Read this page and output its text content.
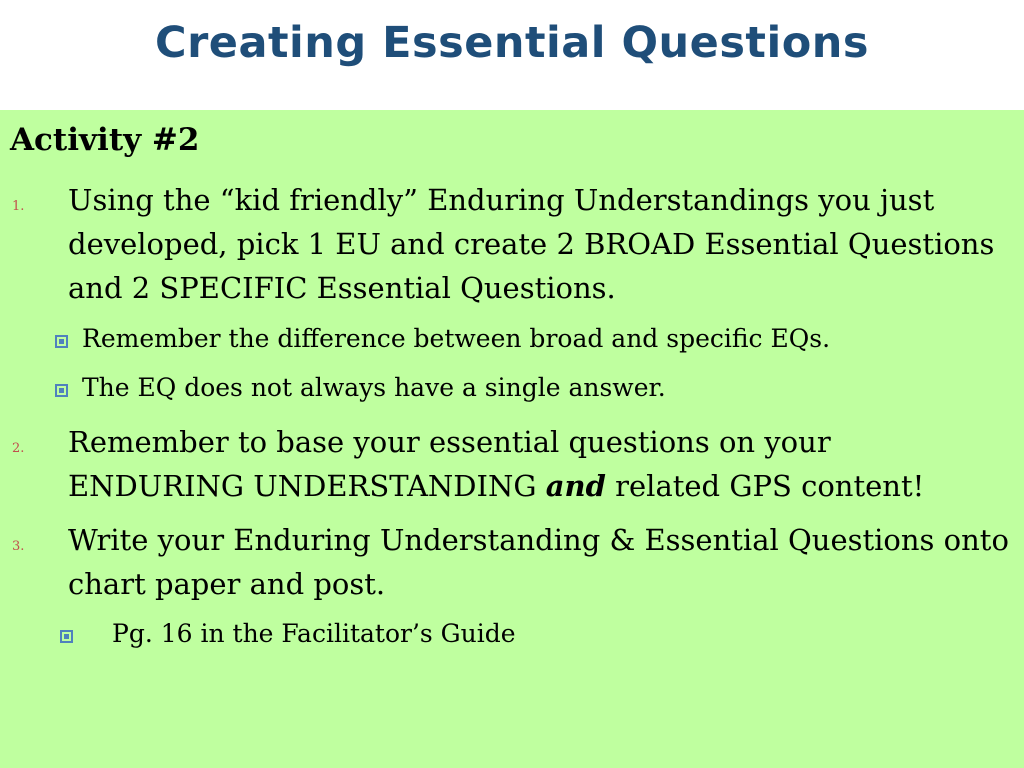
Creating Essential Questions
Activity #2
1. Using the “kid friendly” Enduring Understandings you just developed, pick 1 EU and create 2 BROAD Essential Questions and 2 SPECIFIC Essential Questions.
Remember the difference between broad and specific EQs.
The EQ does not always have a single answer.
2. Remember to base your essential questions on your ENDURING UNDERSTANDING and related GPS content!
3. Write your Enduring Understanding & Essential Questions onto chart paper and post.
Pg. 16 in the Facilitator’s Guide
